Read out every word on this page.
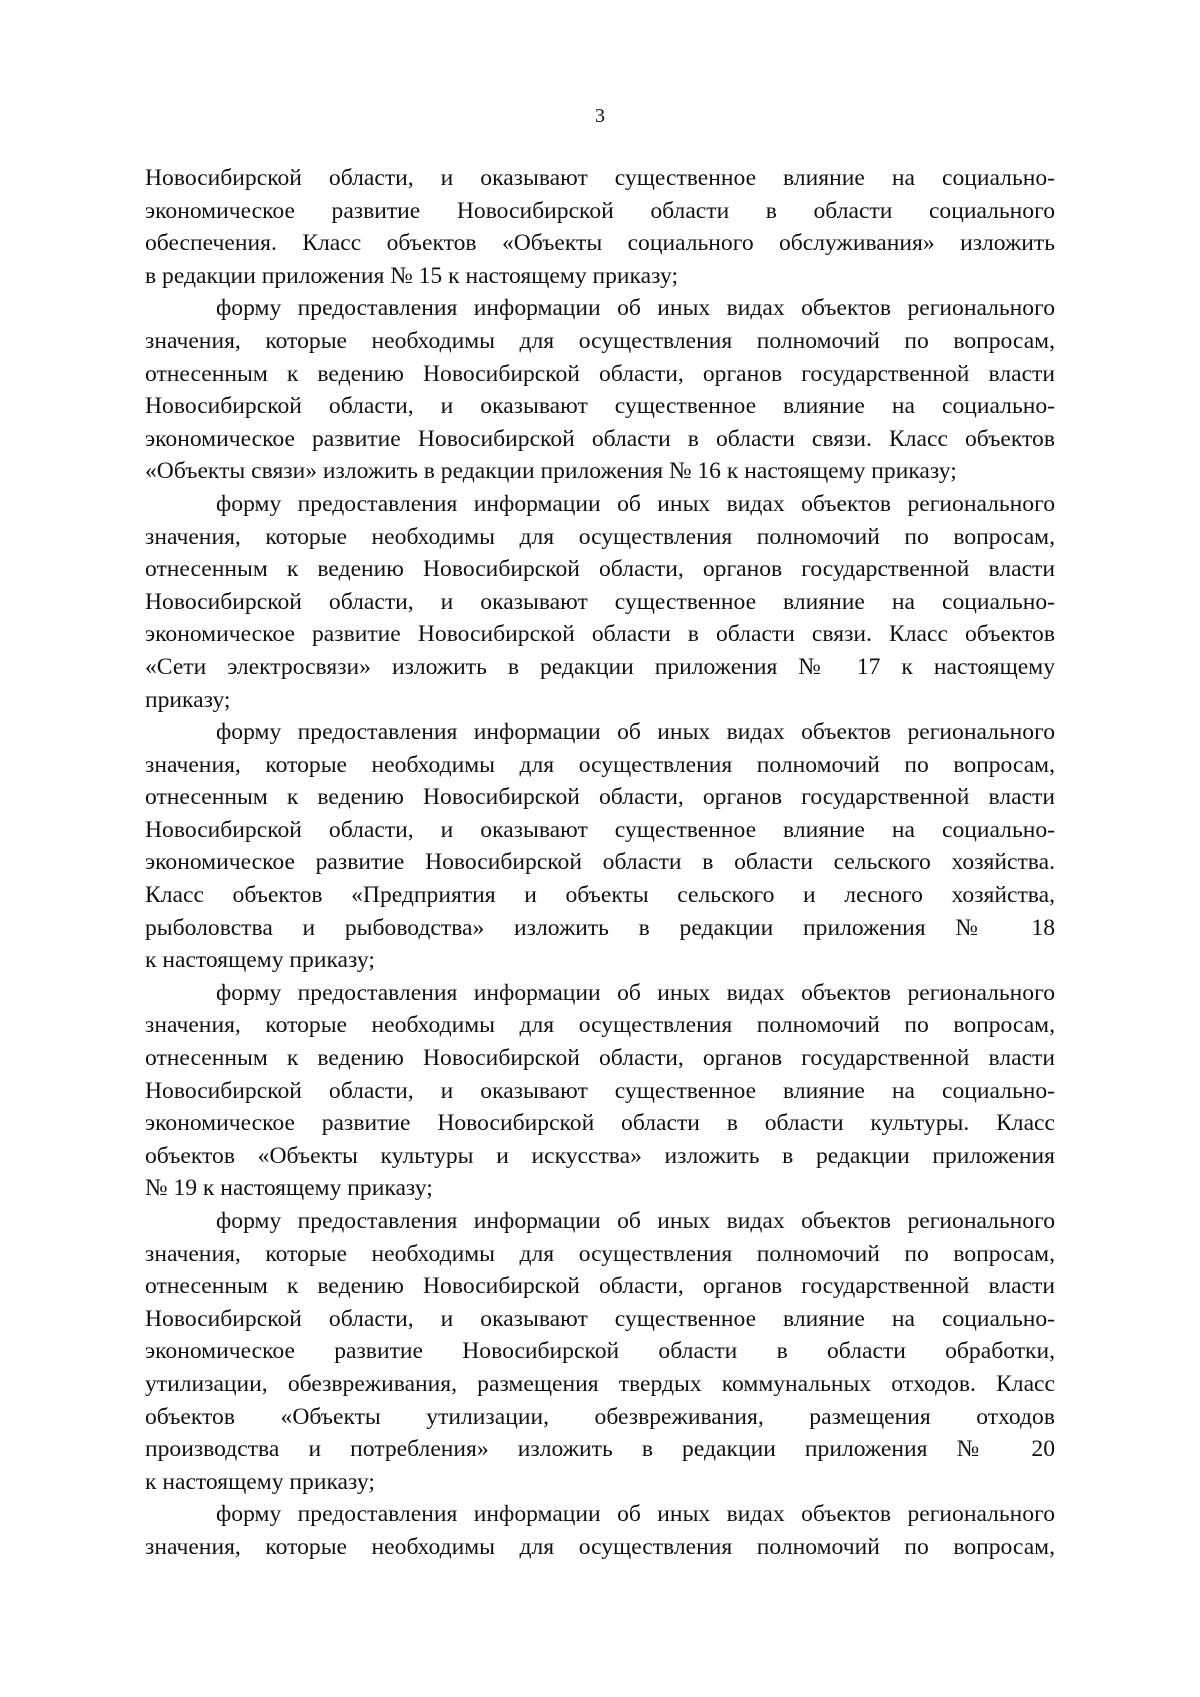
3
Новосибирской области, и оказывают существенное влияние на социально-
экономическое развитие Новосибирской области в области социального
обеспечения. Класс объектов «Объекты социального обслуживания» изложить
в редакции приложения № 15 к настоящему приказу;
форму предоставления информации об иных видах объектов регионального
значения, которые необходимы для осуществления полномочий по вопросам,
отнесенным к ведению Новосибирской области, органов государственной власти
Новосибирской области, и оказывают существенное влияние на социально-
экономическое развитие Новосибирской области в области связи. Класс объектов
«Объекты связи» изложить в редакции приложения № 16 к настоящему приказу;
форму предоставления информации об иных видах объектов регионального
значения, которые необходимы для осуществления полномочий по вопросам,
отнесенным к ведению Новосибирской области, органов государственной власти
Новосибирской области, и оказывают существенное влияние на социально-
экономическое развитие Новосибирской области в области связи. Класс объектов
«Сети электросвязи» изложить в редакции приложения № 17 к настоящему
приказу;
форму предоставления информации об иных видах объектов регионального
значения, которые необходимы для осуществления полномочий по вопросам,
отнесенным к ведению Новосибирской области, органов государственной власти
Новосибирской области, и оказывают существенное влияние на социально-
экономическое развитие Новосибирской области в области сельского хозяйства.
Класс объектов «Предприятия и объекты сельского и лесного хозяйства,
рыболовства и рыбоводства» изложить в редакции приложения № 18
к настоящему приказу;
форму предоставления информации об иных видах объектов регионального
значения, которые необходимы для осуществления полномочий по вопросам,
отнесенным к ведению Новосибирской области, органов государственной власти
Новосибирской области, и оказывают существенное влияние на социально-
экономическое развитие Новосибирской области в области культуры. Класс
объектов «Объекты культуры и искусства» изложить в редакции приложения
№ 19 к настоящему приказу;
форму предоставления информации об иных видах объектов регионального
значения, которые необходимы для осуществления полномочий по вопросам,
отнесенным к ведению Новосибирской области, органов государственной власти
Новосибирской области, и оказывают существенное влияние на социально-
экономическое развитие Новосибирской области в области обработки,
утилизации, обезвреживания, размещения твердых коммунальных отходов. Класс
объектов «Объекты утилизации, обезвреживания, размещения отходов
производства и потребления» изложить в редакции приложения № 20
к настоящему приказу;
форму предоставления информации об иных видах объектов регионального
значения, которые необходимы для осуществления полномочий по вопросам,
